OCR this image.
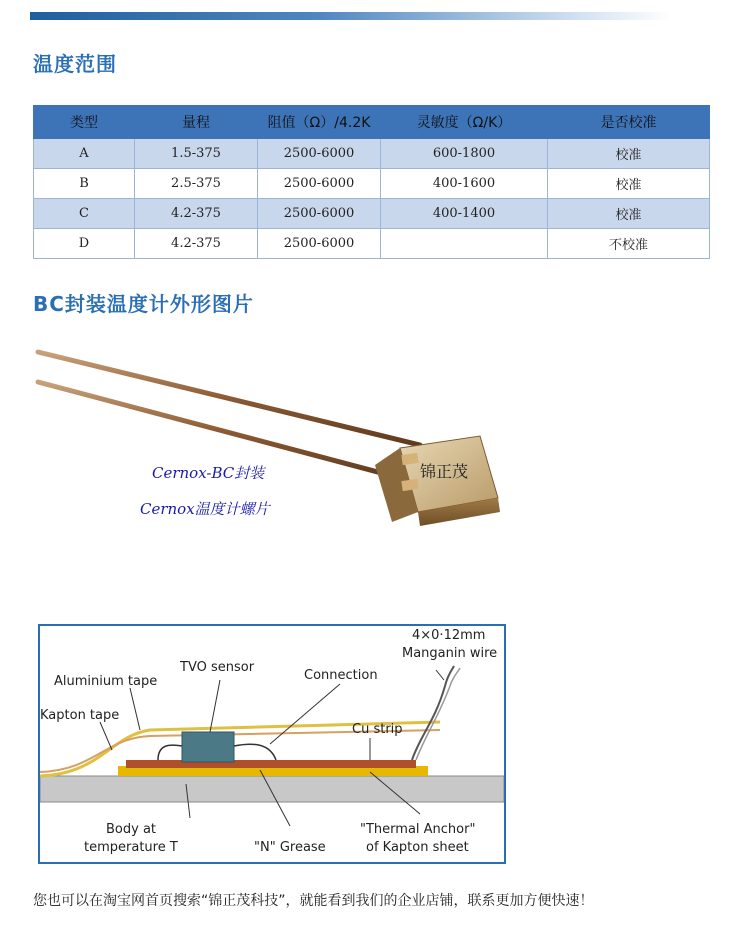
温度范围
类型	量程	阻值（Ω）/4.2K	灵敏度（Ω/K）	是否校准
A	1.5-375	2500-6000	600-1800	校准
B	2.5-375	2500-6000	400-1600	校准
C	4.2-375	2500-6000	400-1400	校准
D	4.2-375	2500-6000		不校准
BC封装温度计外形图片
锦正茂
Cernox-BC封装
Cernox温度计螺片
4×0·12mm
Manganin wire
TVO sensor
Connection
Aluminium tape
Kapton tape
Cu strip
Body at
temperature T	"N" Grease
"Thermal Anchor"
of Kapton sheet
您也可以在淘宝网首页搜索“锦正茂科技”，就能看到我们的企业店铺，联系更加方便快速！
